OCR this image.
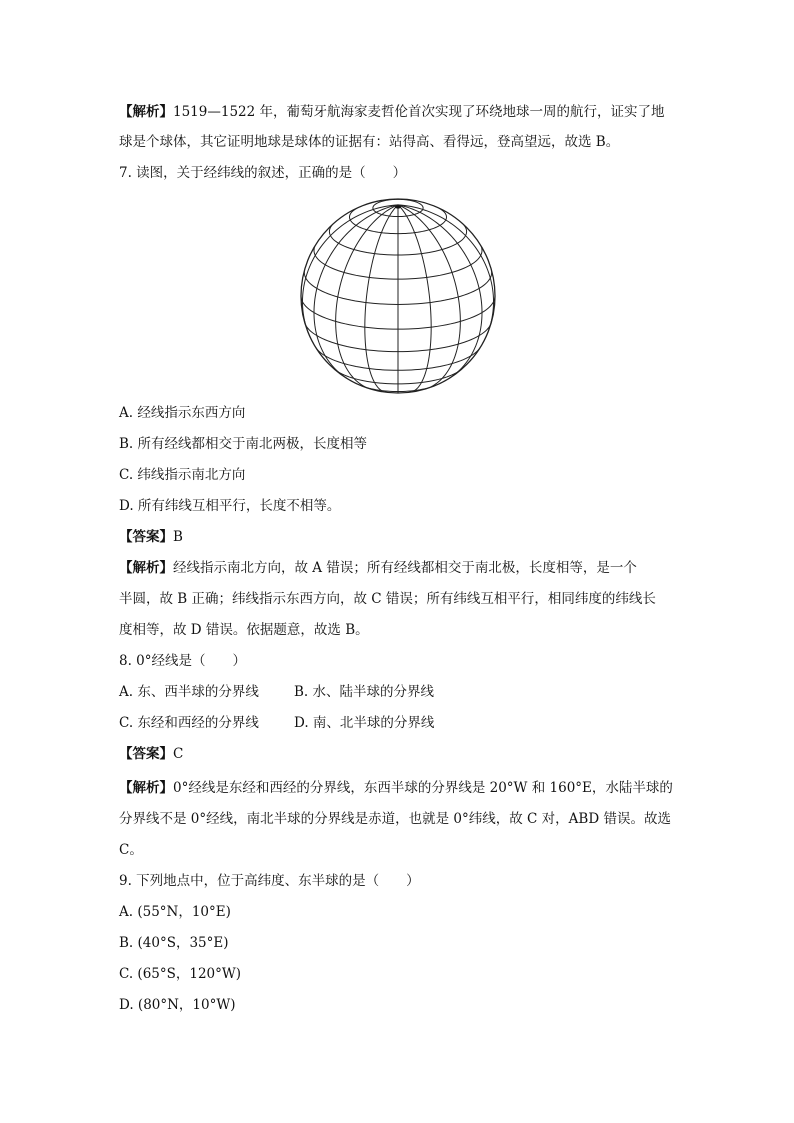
【解析】1519—1522 年，葡萄牙航海家麦哲伦首次实现了环绕地球一周的航行，证实了地
球是个球体，其它证明地球是球体的证据有：站得高、看得远，登高望远，故选 B。
7. 读图，关于经纬线的叙述，正确的是（　　）
A. 经线指示东西方向
B. 所有经线都相交于南北两极，长度相等
C. 纬线指示南北方向
D. 所有纬线互相平行，长度不相等。
【答案】B
【解析】经线指示南北方向，故 A 错误；所有经线都相交于南北极，长度相等，是一个
半圆，故 B 正确；纬线指示东西方向，故 C 错误；所有纬线互相平行，相同纬度的纬线长
度相等，故 D 错误。依据题意，故选 B。
8. 0°经线是（　　）
A. 东、西半球的分界线	B. 水、陆半球的分界线
C. 东经和西经的分界线	D. 南、北半球的分界线
【答案】C
【解析】0°经线是东经和西经的分界线，东西半球的分界线是 20°W 和 160°E，水陆半球的
分界线不是 0°经线，南北半球的分界线是赤道，也就是 0°纬线，故 C 对，ABD 错误。故选
C。
9. 下列地点中，位于高纬度、东半球的是（　　）
A. (55°N，10°E)
B. (40°S，35°E)
C. (65°S，120°W)
D. (80°N，10°W)
